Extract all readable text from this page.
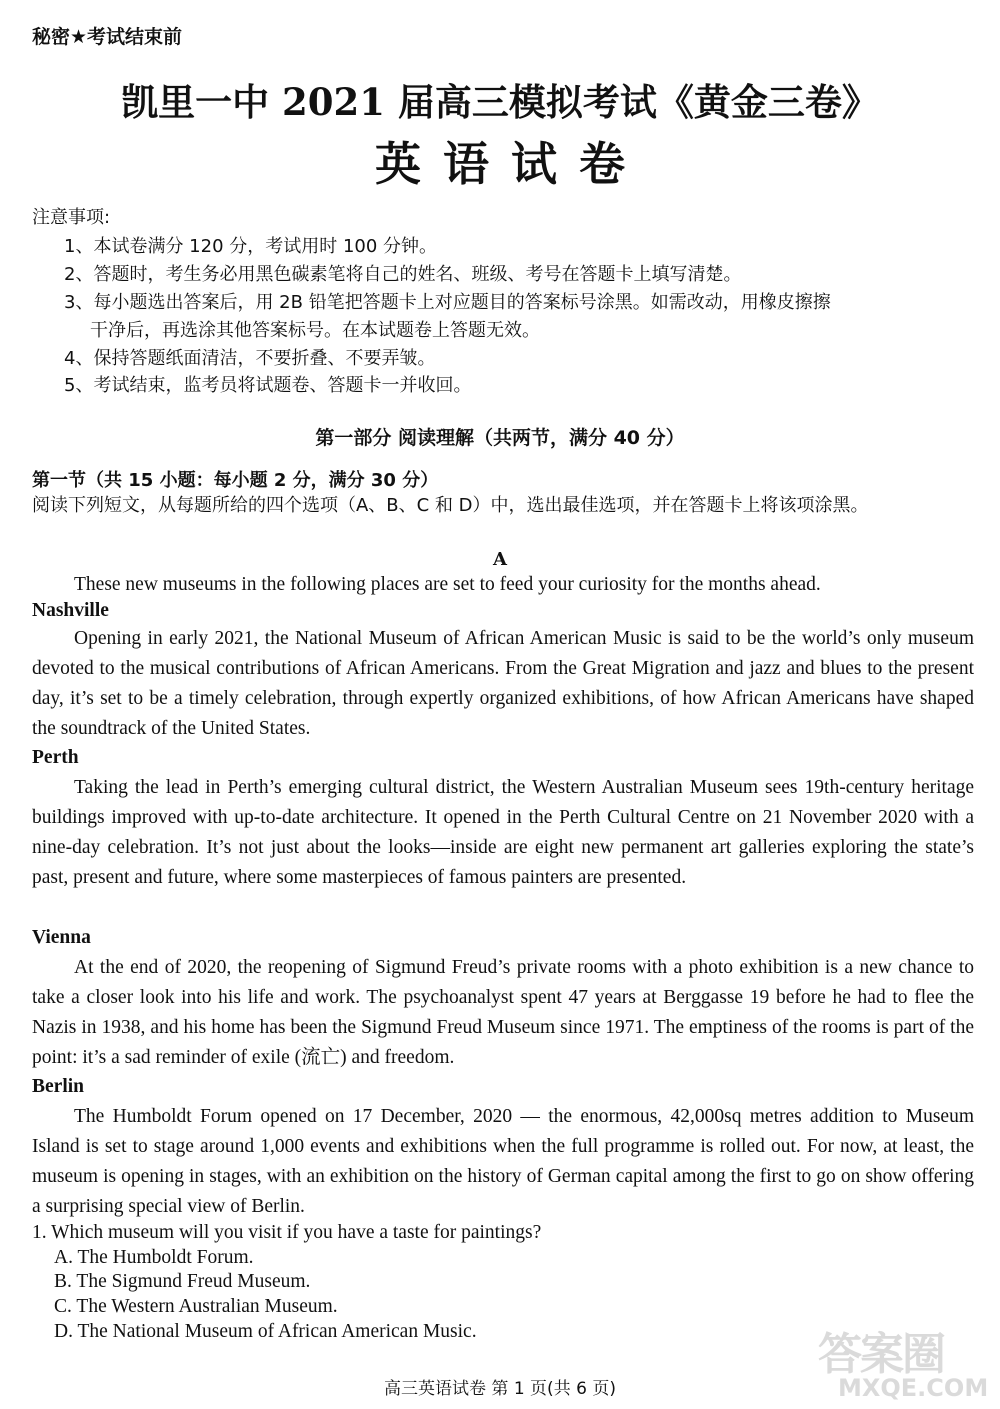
秘密★考试结束前
凯里一中 2021 届高三模拟考试《黄金三卷》
英语试卷
注意事项:
1、本试卷满分 120 分，考试用时 100 分钟。
2、答题时，考生务必用黑色碳素笔将自己的姓名、班级、考号在答题卡上填写清楚。
3、每小题选出答案后，用 2B 铅笔把答题卡上对应题目的答案标号涂黑。如需改动，用橡皮擦擦
干净后，再选涂其他答案标号。在本试题卷上答题无效。
4、保持答题纸面清洁，不要折叠、不要弄皱。
5、考试结束，监考员将试题卷、答题卡一并收回。
第一部分 阅读理解（共两节，满分 40 分）
第一节（共 15 小题：每小题 2 分，满分 30 分）
阅读下列短文，从每题所给的四个选项（A、B、C 和 D）中，选出最佳选项，并在答题卡上将该项涂黑。
A
These new museums in the following places are set to feed your curiosity for the months ahead.
Nashville

Opening in early 2021, the National Museum of African American Music is said to be the world’s only museum devoted to the musical contributions of African Americans. From the Great Migration and jazz and blues to the present day, it’s set to be a timely celebration, through expertly organized exhibitions, of how African Americans have shaped the soundtrack of the United States.

Perth

Taking the lead in Perth’s emerging cultural district, the Western Australian Museum sees 19th-century heritage buildings improved with up-to-date architecture. It opened in the Perth Cultural Centre on 21 November 2020 with a nine-day celebration. It’s not just about the looks—inside are eight new permanent art galleries exploring the state’s past, present and future, where some masterpieces of famous painters are presented.

Vienna

At the end of 2020, the reopening of Sigmund Freud’s private rooms with a photo exhibition is a new chance to take a closer look into his life and work. The psychoanalyst spent 47 years at Berggasse 19 before he had to flee the Nazis in 1938, and his home has been the Sigmund Freud Museum since 1971. The emptiness of the rooms is part of the point: it’s a sad reminder of exile (流亡) and freedom.

Berlin

The Humboldt Forum opened on 17 December, 2020 — the enormous, 42,000sq metres addition to Museum Island is set to stage around 1,000 events and exhibitions when the full programme is rolled out. For now, at least, the museum is opening in stages, with an exhibition on the history of German capital among the first to go on show offering a surprising special view of Berlin.

1. Which museum will you visit if you have a taste for paintings?
A. The Humboldt Forum.
B. The Sigmund Freud Museum.
C. The Western Australian Museum.
D. The National Museum of African American Music.
高三英语试卷 第 1 页(共 6 页)
答案圈
MXQE.COM
